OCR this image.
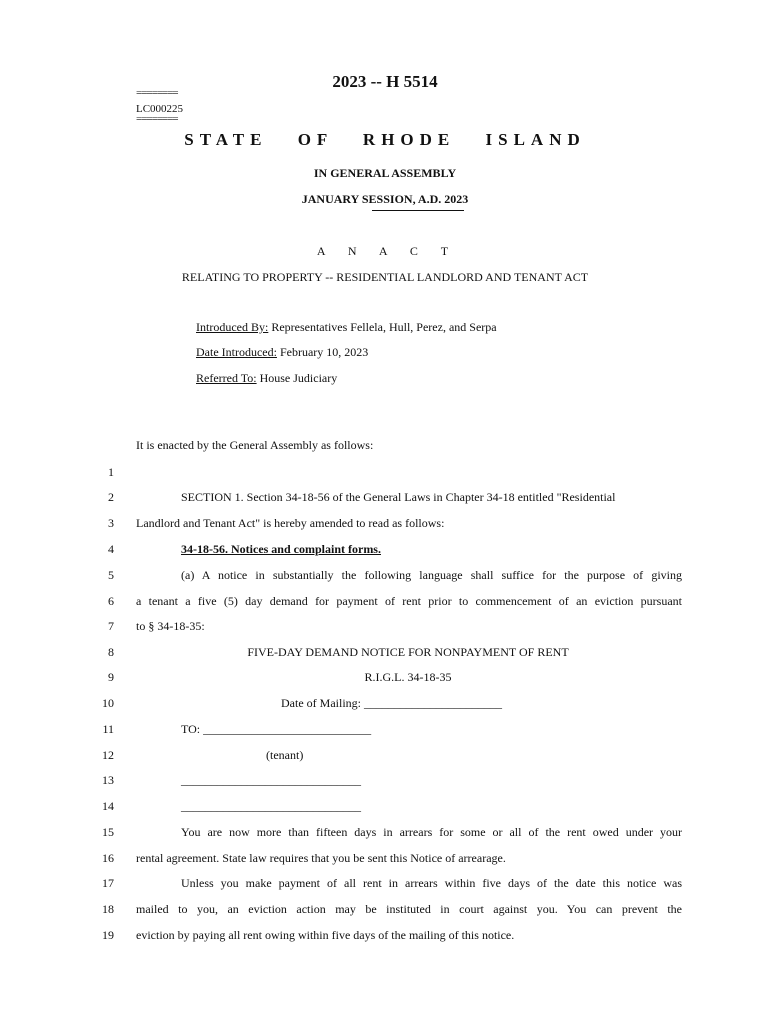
2023 -- H 5514
========
LC000225
========
STATE OF RHODE ISLAND
IN GENERAL ASSEMBLY
JANUARY SESSION, A.D. 2023
A N A C T
RELATING TO PROPERTY -- RESIDENTIAL LANDLORD AND TENANT ACT
Introduced By: Representatives Fellela, Hull, Perez, and Serpa
Date Introduced: February 10, 2023
Referred To: House Judiciary
It is enacted by the General Assembly as follows:
1
2
3
4
5
6
7
8
9
10
11
12
13
14
15
16
17
18
19
SECTION 1. Section 34-18-56 of the General Laws in Chapter 34-18 entitled "Residential
Landlord and Tenant Act" is hereby amended to read as follows:
34-18-56. Notices and complaint forms.
(a) A notice in substantially the following language shall suffice for the purpose of giving
a tenant a five (5) day demand for payment of rent prior to commencement of an eviction pursuant
to § 34-18-35:
FIVE-DAY DEMAND NOTICE FOR NONPAYMENT OF RENT
R.I.G.L. 34-18-35
Date of Mailing: _______________________
TO: ____________________________
(tenant)
______________________________
______________________________
You are now more than fifteen days in arrears for some or all of the rent owed under your
rental agreement. State law requires that you be sent this Notice of arrearage.
Unless you make payment of all rent in arrears within five days of the date this notice was
mailed to you, an eviction action may be instituted in court against you. You can prevent the
eviction by paying all rent owing within five days of the mailing of this notice.
